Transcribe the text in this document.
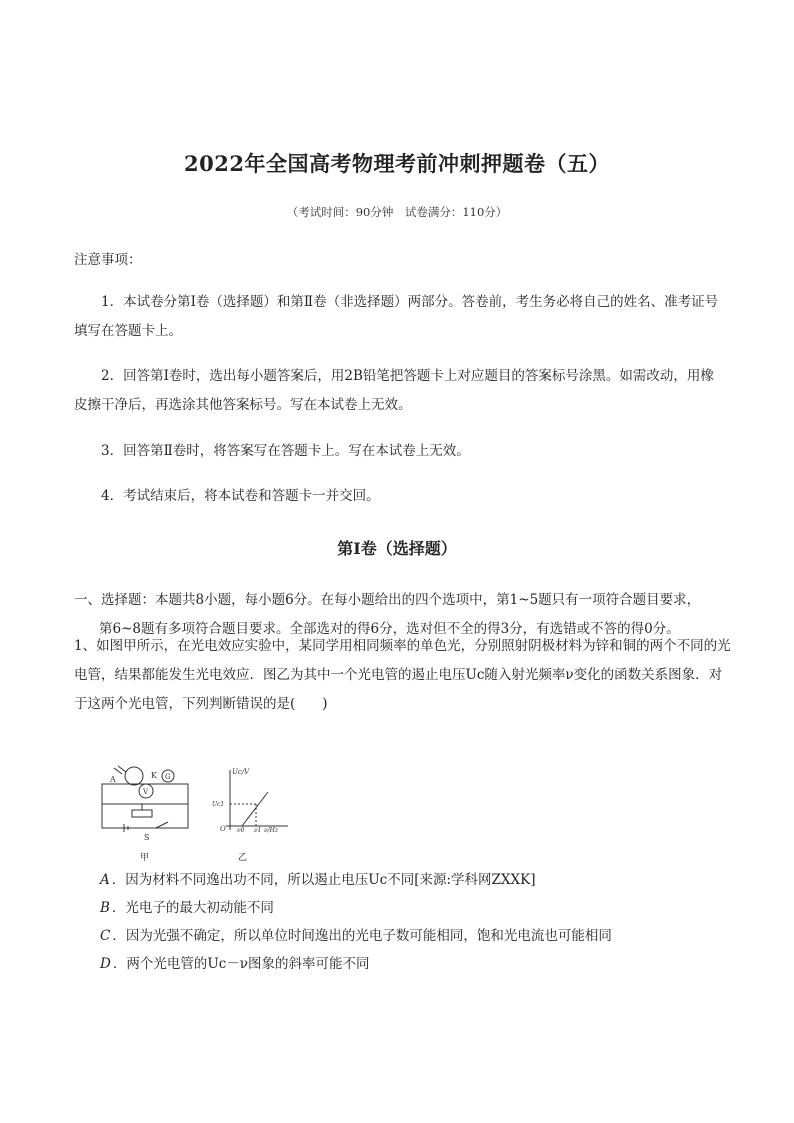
2022年全国高考物理考前冲刺押题卷（五）
（考试时间：90分钟　试卷满分：110分）
注意事项：
1．本试卷分第Ⅰ卷（选择题）和第Ⅱ卷（非选择题）两部分。答卷前，考生务必将自己的姓名、准考证号填写在答题卡上。
2．回答第Ⅰ卷时，选出每小题答案后，用2B铅笔把答题卡上对应题目的答案标号涂黑。如需改动，用橡皮擦干净后，再选涂其他答案标号。写在本试卷上无效。
3．回答第Ⅱ卷时，将答案写在答题卡上。写在本试卷上无效。
4．考试结束后，将本试卷和答题卡一并交回。
第Ⅰ卷（选择题）
一、选择题：本题共8小题，每小题6分。在每小题给出的四个选项中，第1~5题只有一项符合题目要求，
第6~8题有多项符合题目要求。全部选对的得6分，选对但不全的得3分，有选错或不答的得0分。
1、如图甲所示，在光电效应实验中，某同学用相同频率的单色光，分别照射阴极材料为锌和铜的两个不同的光电管，结果都能发生光电效应．图乙为其中一个光电管的遏止电压Uc随入射光频率ν变化的函数关系图象．对于这两个光电管，下列判断错误的是(　　)
A	K G
V
S
甲
Uc/V
Uc1
O ν0 ν1 ν/Hz
乙
A ．因为材料不同逸出功不同，所以遏止电压Uc不同[来源:学科网ZXXK]
B ．光电子的最大初动能不同
C ．因为光强不确定，所以单位时间逸出的光电子数可能相同，饱和光电流也可能相同
D ．两个光电管的Uc－ν图象的斜率可能不同
